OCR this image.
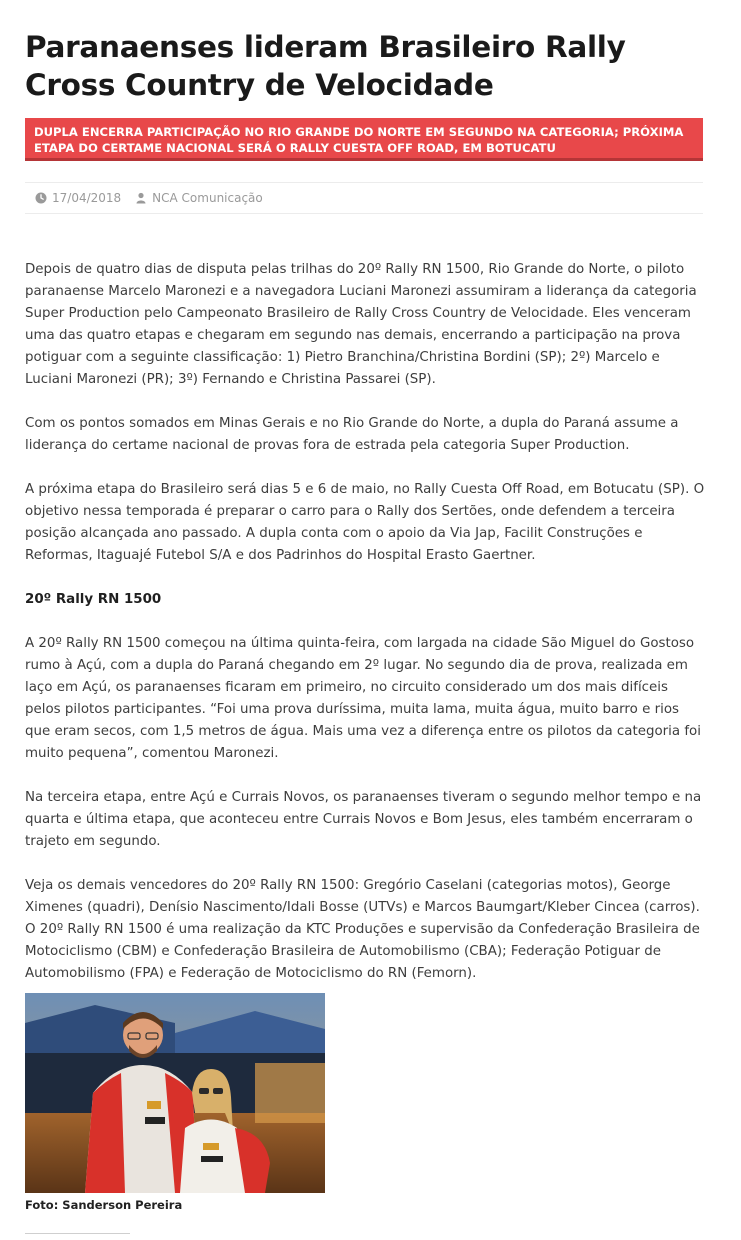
Paranaenses lideram Brasileiro Rally Cross Country de Velocidade
DUPLA ENCERRA PARTICIPAÇÃO NO RIO GRANDE DO NORTE EM SEGUNDO NA CATEGORIA; PRÓXIMA ETAPA DO CERTAME NACIONAL SERÁ O RALLY CUESTA OFF ROAD, EM BOTUCATU
17/04/2018	NCA Comunicação

Depois de quatro dias de disputa pelas trilhas do 20º Rally RN 1500, Rio Grande do Norte, o piloto paranaense Marcelo Maronezi e a navegadora Luciani Maronezi assumiram a liderança da categoria Super Production pelo Campeonato Brasileiro de Rally Cross Country de Velocidade. Eles venceram uma das quatro etapas e chegaram em segundo nas demais, encerrando a participação na prova potiguar com a seguinte classificação: 1) Pietro Branchina/Christina Bordini (SP); 2º) Marcelo e Luciani Maronezi (PR); 3º) Fernando e Christina Passarei (SP).

Com os pontos somados em Minas Gerais e no Rio Grande do Norte, a dupla do Paraná assume a liderança do certame nacional de provas fora de estrada pela categoria Super Production.

A próxima etapa do Brasileiro será dias 5 e 6 de maio, no Rally Cuesta Off Road, em Botucatu (SP). O objetivo nessa temporada é preparar o carro para o Rally dos Sertões, onde defendem a terceira posição alcançada ano passado. A dupla conta com o apoio da Via Jap, Facilit Construções e Reformas, Itaguajé Futebol S/A e dos Padrinhos do Hospital Erasto Gaertner.

20º Rally RN 1500

A 20º Rally RN 1500 começou na última quinta-feira, com largada na cidade São Miguel do Gostoso rumo à Açú, com a dupla do Paraná chegando em 2º lugar. No segundo dia de prova, realizada em laço em Açú, os paranaenses ficaram em primeiro, no circuito considerado um dos mais difíceis pelos pilotos participantes. “Foi uma prova duríssima, muita lama, muita água, muito barro e rios que eram secos, com 1,5 metros de água. Mais uma vez a diferença entre os pilotos da categoria foi muito pequena”, comentou Maronezi.

Na terceira etapa, entre Açú e Currais Novos, os paranaenses tiveram o segundo melhor tempo e na quarta e última etapa, que aconteceu entre Currais Novos e Bom Jesus, eles também encerraram o trajeto em segundo.

Veja os demais vencedores do 20º Rally RN 1500: Gregório Caselani (categorias motos), George Ximenes (quadri), Denísio Nascimento/Idali Bosse (UTVs) e Marcos Baumgart/Kleber Cincea (carros). O 20º Rally RN 1500 é uma realização da KTC Produções e supervisão da Confederação Brasileira de Motociclismo (CBM) e Confederação Brasileira de Automobilismo (CBA); Federação Potiguar de Automobilismo (FPA) e Federação de Motociclismo do RN (Femorn).

Foto: Sanderson Pereira
